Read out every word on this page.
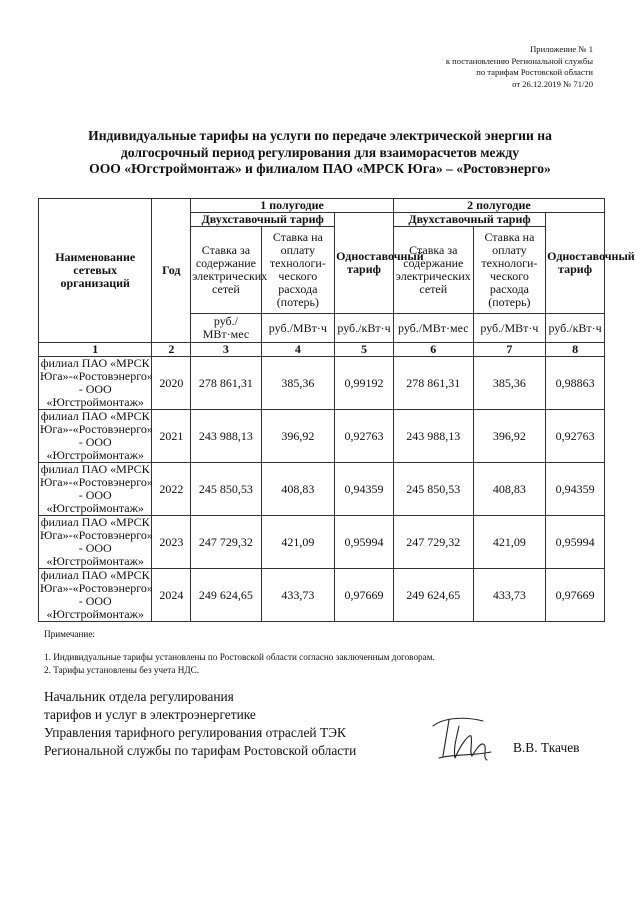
Приложение № 1
к постановлению Региональной службы
по тарифам Ростовской области
от 26.12.2019 № 71/20
Индивидуальные тарифы на услуги по передаче электрической энергии на
долгосрочный период регулирования для взаиморасчетов между
ООО «Югстроймонтаж» и филиалом ПАО «МРСК Юга» – «Ростовэнерго»
Наименование сетевых организаций	Год	1 полугодие			2 полугодие		
		Двухставочный тариф		Одноставочный тариф	Двухставочный тариф		Одноставочный тариф
		Ставка за содержание электрических сетей	Ставка на оплату технологи-ческого расхода (потерь)		Ставка за содержание электрических сетей	Ставка на оплату технологи-ческого расхода (потерь)	
		руб./МВт·мес	руб./МВт·ч	руб./кВт·ч	руб./МВт·мес	руб./МВт·ч	руб./кВт·ч
1	2	3	4	5	6	7	8
филиал ПАО «МРСК Юга»-«Ростовэнерго» - ООО «Югстроймонтаж»	2020	278 861,31	385,36	0,99192	278 861,31	385,36	0,98863
филиал ПАО «МРСК Юга»-«Ростовэнерго» - ООО «Югстроймонтаж»	2021	243 988,13	396,92	0,92763	243 988,13	396,92	0,92763
филиал ПАО «МРСК Юга»-«Ростовэнерго» - ООО «Югстроймонтаж»	2022	245 850,53	408,83	0,94359	245 850,53	408,83	0,94359
филиал ПАО «МРСК Юга»-«Ростовэнерго» - ООО «Югстроймонтаж»	2023	247 729,32	421,09	0,95994	247 729,32	421,09	0,95994
филиал ПАО «МРСК Юга»-«Ростовэнерго» - ООО «Югстроймонтаж»	2024	249 624,65	433,73	0,97669	249 624,65	433,73	0,97669
Примечание:
1. Индивидуальные тарифы установлены по Ростовской области согласно заключенным договорам.
2. Тарифы установлены без учета НДС.
Начальник отдела регулирования
тарифов и услуг в электроэнергетике
Управления тарифного регулирования отраслей ТЭК
Региональной службы по тарифам Ростовской области	В.В. Ткачев
